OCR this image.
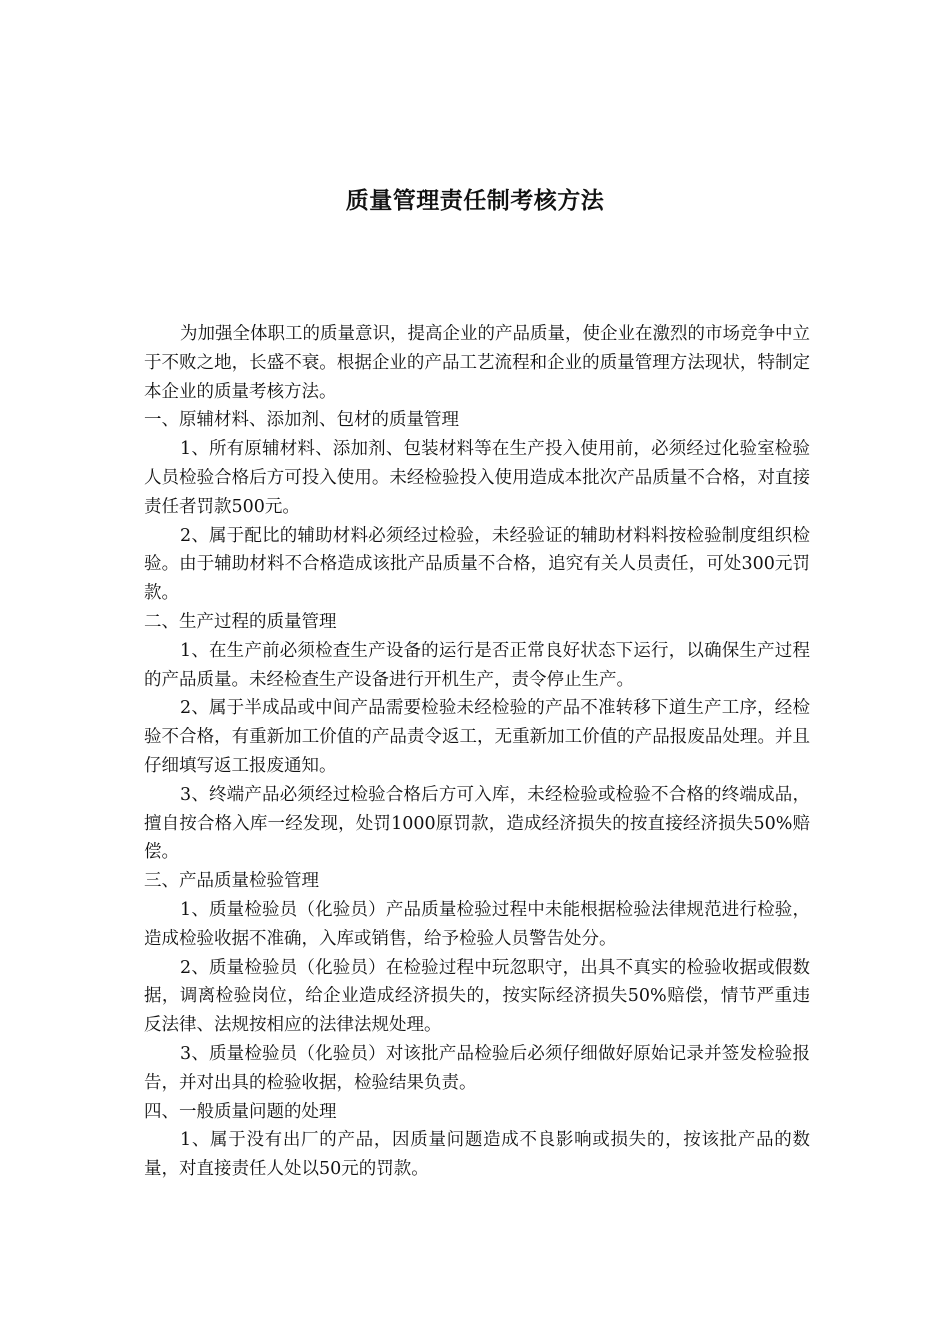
质量管理责任制考核方法

为加强全体职工的质量意识，提高企业的产品质量，使企业在激烈的市场竞争中立于不败之地，长盛不衰。根据企业的产品工艺流程和企业的质量管理方法现状，特制定本企业的质量考核方法。

一、原辅材料、添加剂、包材的质量管理

1、所有原辅材料、添加剂、包装材料等在生产投入使用前，必须经过化验室检验人员检验合格后方可投入使用。未经检验投入使用造成本批次产品质量不合格，对直接责任者罚款500元。

2、属于配比的辅助材料必须经过检验，未经验证的辅助材料料按检验制度组织检验。由于辅助材料不合格造成该批产品质量不合格，追究有关人员责任，可处300元罚款。

二、生产过程的质量管理

1、在生产前必须检查生产设备的运行是否正常良好状态下运行，以确保生产过程的产品质量。未经检查生产设备进行开机生产，责令停止生产。

2、属于半成品或中间产品需要检验未经检验的产品不准转移下道生产工序，经检验不合格，有重新加工价值的产品责令返工，无重新加工价值的产品报废品处理。并且仔细填写返工报废通知。

3、终端产品必须经过检验合格后方可入库，未经检验或检验不合格的终端成品，擅自按合格入库一经发现，处罚1000原罚款，造成经济损失的按直接经济损失50%赔偿。

三、产品质量检验管理

1、质量检验员（化验员）产品质量检验过程中未能根据检验法律规范进行检验，造成检验收据不准确，入库或销售，给予检验人员警告处分。

2、质量检验员（化验员）在检验过程中玩忽职守，出具不真实的检验收据或假数据，调离检验岗位，给企业造成经济损失的，按实际经济损失50%赔偿，情节严重违反法律、法规按相应的法律法规处理。

3、质量检验员（化验员）对该批产品检验后必须仔细做好原始记录并签发检验报告，并对出具的检验收据，检验结果负责。

四、一般质量问题的处理

1、属于没有出厂的产品，因质量问题造成不良影响或损失的，按该批产品的数量，对直接责任人处以50元的罚款。
